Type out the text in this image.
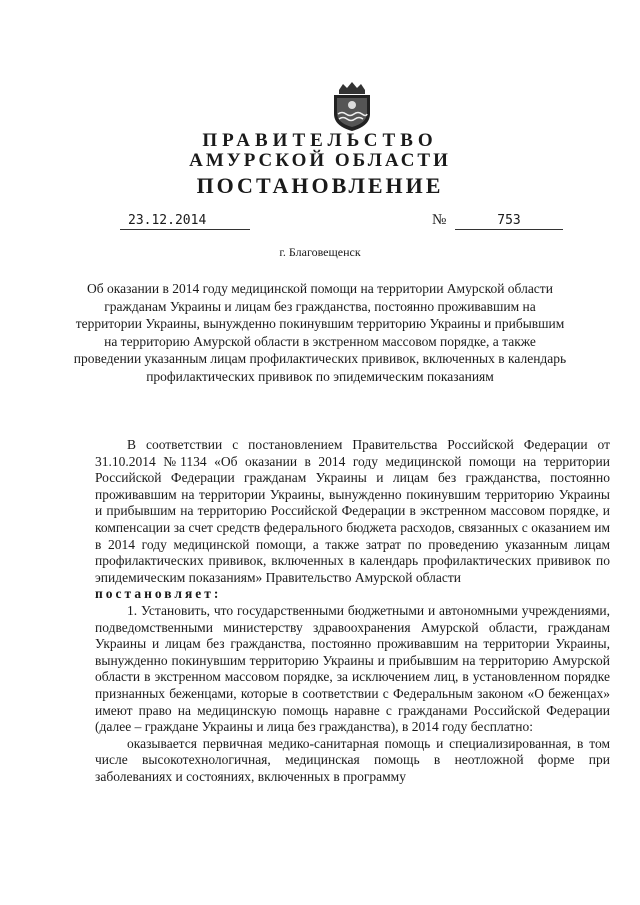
ПРАВИТЕЛЬСТВО
АМУРСКОЙ ОБЛАСТИ
ПОСТАНОВЛЕНИЕ
23.12.2014	№	753
г. Благовещенск
Об оказании в 2014 году медицинской помощи на территории Амурской области гражданам Украины и лицам без гражданства, постоянно проживавшим на территории Украины, вынужденно покинувшим территорию Украины и прибывшим на территорию Амурской области в экстренном массовом порядке, а также проведении указанным лицам профилактических прививок, включенных в календарь профилактических прививок по эпидемическим показаниям

В соответствии с постановлением Правительства Российской Федерации от 31.10.2014 №1134 «Об оказании в 2014 году медицинской помощи на территории Российской Федерации гражданам Украины и лицам без гражданства, постоянно проживавшим на территории Украины, вынужденно покинувшим территорию Украины и прибывшим на территорию Российской Федерации в экстренном массовом порядке, и компенсации за счет средств федерального бюджета расходов, связанных с оказанием им в 2014 году медицинской помощи, а также затрат по проведению указанным лицам профилактических прививок, включенных в календарь профилактических прививок по эпидемическим показаниям» Правительство Амурской области

постановляет:

1. Установить, что государственными бюджетными и автономными учреждениями, подведомственными министерству здравоохранения Амурской области, гражданам Украины и лицам без гражданства, постоянно проживавшим на территории Украины, вынужденно покинувшим территорию Украины и прибывшим на территорию Амурской области в экстренном массовом порядке, за исключением лиц, в установленном порядке признанных беженцами, которые в соответствии с Федеральным законом «О беженцах» имеют право на медицинскую помощь наравне с гражданами Российской Федерации (далее – граждане Украины и лица без гражданства), в 2014 году бесплатно:

оказывается первичная медико-санитарная помощь и специализированная, в том числе высокотехнологичная, медицинская помощь в неотложной форме при заболеваниях и состояниях, включенных в программу
